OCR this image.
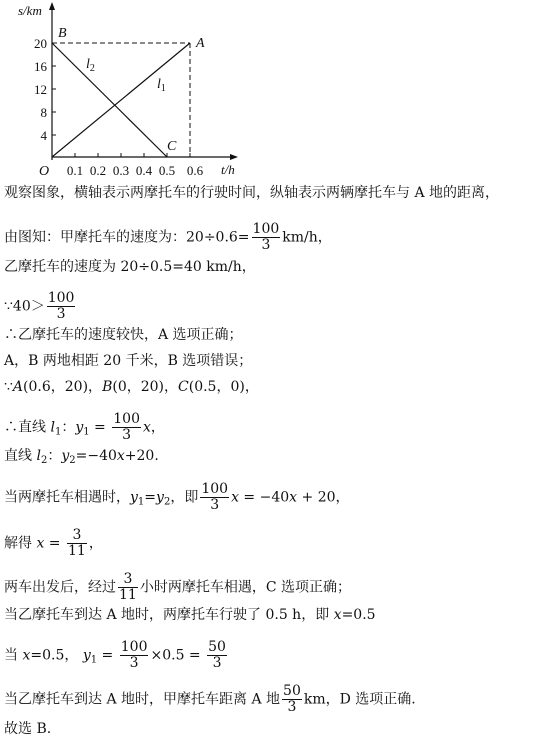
s/km
t/h
O
20
16
12
8
4
0.1 0.2 0.3 0.4 0.5 0.6
B
A
C
$l_2$
$l_1$
观察图象，横轴表示两摩托车的行驶时间，纵轴表示两辆摩托车与 A 地的距离，
由图知：甲摩托车的速度为：$20\div 0.6= \frac{100}{3} km/h$，
乙摩托车的速度为 20÷0.5=40 km/h，
∵40＞ $\frac{100}{3}$
∴乙摩托车的速度较快，A 选项正确；
A，B 两地相距 20 千米，B 选项错误；
∵A(0.6，20)，B(0，20)，C(0.5，0)，
∴直线 $l_1$：$y_1 = \frac{100}{3}$ x，
直线 $l_2$：$y_2=-40x+20$.
当两摩托车相遇时，$y_1=y_2$，即 $\frac{100}{3}$ x = −40x + 20，
解得 $x = \frac{3}{11}$ ，
两车出发后，经过 $\frac{3}{11}$ 小时两摩托车相遇，C 选项正确；
当乙摩托车到达 A 地时，两摩托车行驶了 0.5 h，即 x=0.5
当 x=0.5， $y_1 = \frac{100}{3} \times 0.5 = \frac{50}{3}$
当乙摩托车到达 A 地时，甲摩托车距离 A 地 $\frac{50}{3}$ km，D 选项正确.
故选 B.
